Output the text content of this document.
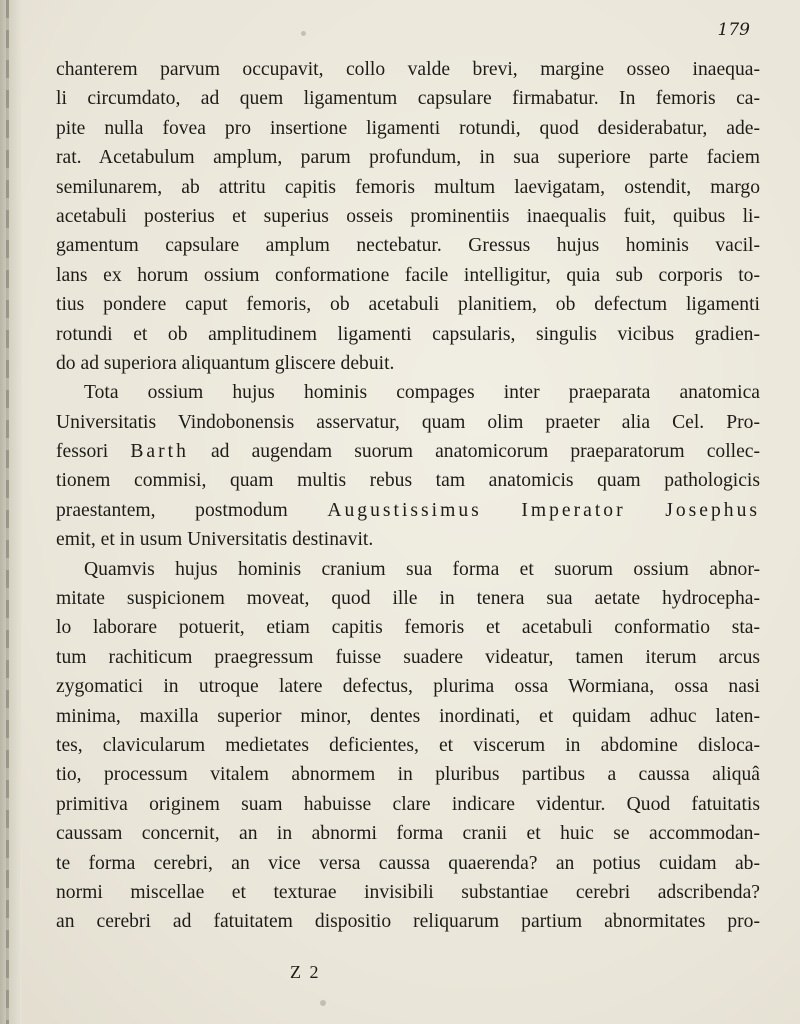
179
chanterem parvum occupavit, collo valde brevi, margine osseo inaequa-
li circumdato, ad quem ligamentum capsulare firmabatur. In femoris ca-
pite nulla fovea pro insertione ligamenti rotundi, quod desiderabatur, ade-
rat. Acetabulum amplum, parum profundum, in sua superiore parte faciem
semilunarem, ab attritu capitis femoris multum laevigatam, ostendit, margo
acetabuli posterius et superius osseis prominentiis inaequalis fuit, quibus li-
gamentum capsulare amplum nectebatur. Gressus hujus hominis vacil-
lans ex horum ossium conformatione facile intelligitur, quia sub corporis to-
tius pondere caput femoris, ob acetabuli planitiem, ob defectum ligamenti
rotundi et ob amplitudinem ligamenti capsularis, singulis vicibus gradien-
do ad superiora aliquantum gliscere debuit.
Tota ossium hujus hominis compages inter praeparata anatomica
Universitatis Vindobonensis asservatur, quam olim praeter alia Cel. Pro-
fessori Barth ad augendam suorum anatomicorum praeparatorum collec-
tionem commisi, quam multis rebus tam anatomicis quam pathologicis
praestantem, postmodum Augustissimus Imperator Josephus
emit, et in usum Universitatis destinavit.
Quamvis hujus hominis cranium sua forma et suorum ossium abnor-
mitate suspicionem moveat, quod ille in tenera sua aetate hydrocepha-
lo laborare potuerit, etiam capitis femoris et acetabuli conformatio sta-
tum rachiticum praegressum fuisse suadere videatur, tamen iterum arcus
zygomatici in utroque latere defectus, plurima ossa Wormiana, ossa nasi
minima, maxilla superior minor, dentes inordinati, et quidam adhuc laten-
tes, clavicularum medietates deficientes, et viscerum in abdomine disloca-
tio, processum vitalem abnormem in pluribus partibus a caussa aliquâ
primitiva originem suam habuisse clare indicare videntur. Quod fatuitatis
caussam concernit, an in abnormi forma cranii et huic se accommodan-
te forma cerebri, an vice versa caussa quaerenda? an potius cuidam ab-
normi miscellae et texturae invisibili substantiae cerebri adscribenda?
an cerebri ad fatuitatem dispositio reliquarum partium abnormitates pro-
Z 2
